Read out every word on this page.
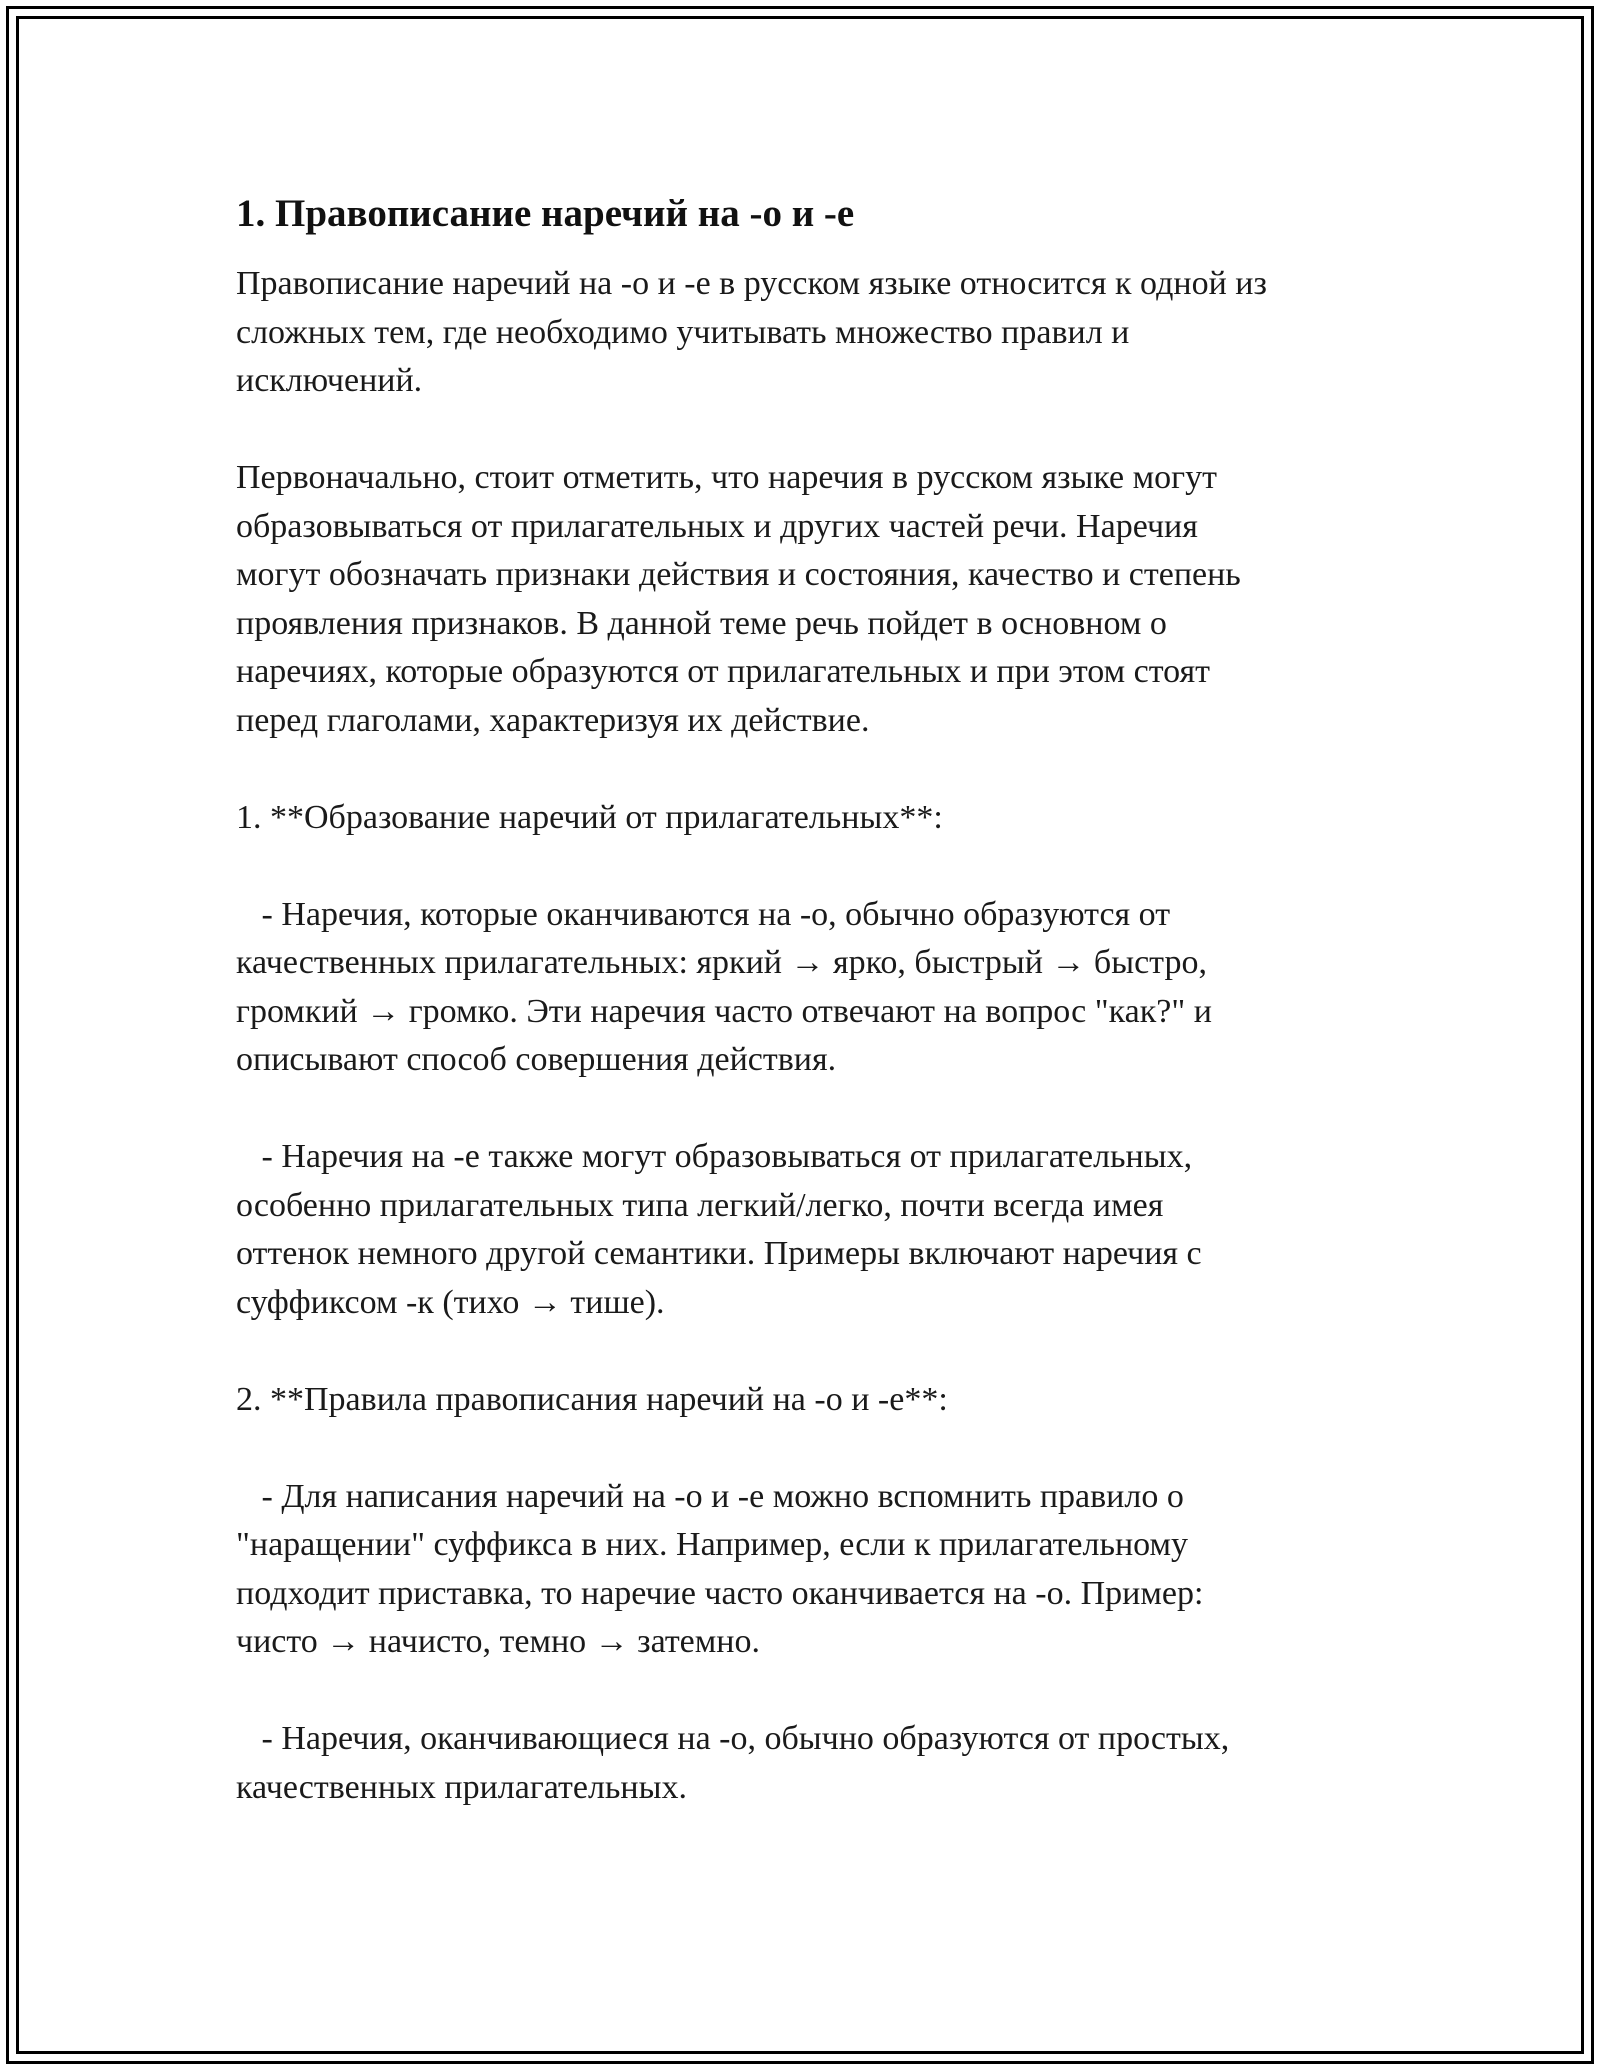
1. Правописание наречий на -о и -е

Правописание наречий на -о и -е в русском языке относится к одной из
сложных тем, где необходимо учитывать множество правил и
исключений.

Первоначально, стоит отметить, что наречия в русском языке могут
образовываться от прилагательных и других частей речи. Наречия
могут обозначать признаки действия и состояния, качество и степень
проявления признаков. В данной теме речь пойдет в основном о
наречиях, которые образуются от прилагательных и при этом стоят
перед глаголами, характеризуя их действие.

1. **Образование наречий от прилагательных**:

- Наречия, которые оканчиваются на -о, обычно образуются от
качественных прилагательных: яркий → ярко, быстрый → быстро,
громкий → громко. Эти наречия часто отвечают на вопрос "как?" и
описывают способ совершения действия.

- Наречия на -е также могут образовываться от прилагательных,
особенно прилагательных типа легкий/легко, почти всегда имея
оттенок немного другой семантики. Примеры включают наречия с
суффиксом -к (тихо → тише).

2. **Правила правописания наречий на -о и -е**:

- Для написания наречий на -о и -е можно вспомнить правило о
"наращении" суффикса в них. Например, если к прилагательному
подходит приставка, то наречие часто оканчивается на -о. Пример:
чисто → начисто, темно → затемно.

- Наречия, оканчивающиеся на -о, обычно образуются от простых,
качественных прилагательных.
